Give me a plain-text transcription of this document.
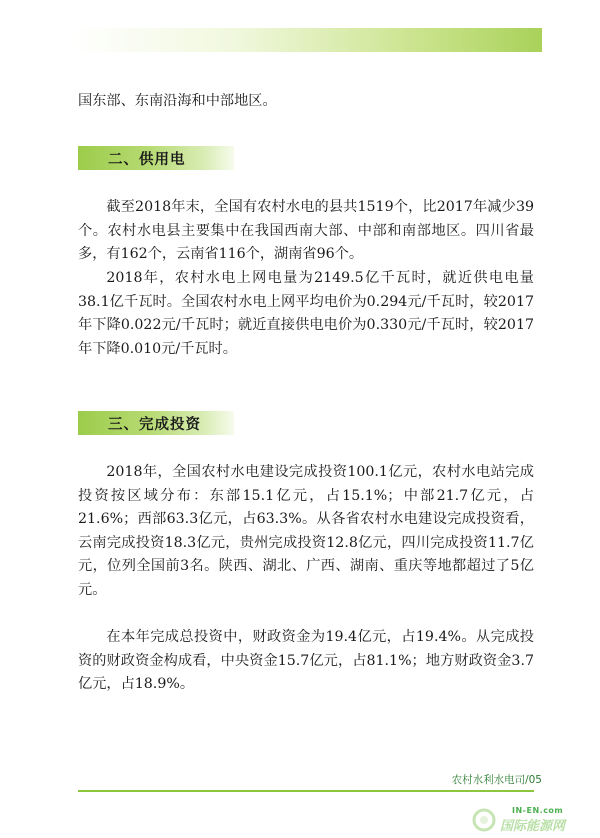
国东部、东南沿海和中部地区。

二、供用电

截至2018年末，全国有农村水电的县共1519个，比2017年减少39个。农村水电县主要集中在我国西南大部、中部和南部地区。四川省最多，有162个，云南省116个，湖南省96个。

2018年，农村水电上网电量为2149.5亿千瓦时，就近供电电量38.1亿千瓦时。全国农村水电上网平均电价为0.294元/千瓦时，较2017年下降0.022元/千瓦时；就近直接供电电价为0.330元/千瓦时，较2017年下降0.010元/千瓦时。

三、完成投资

2018年，全国农村水电建设完成投资100.1亿元，农村水电站完成投资按区域分布：东部15.1亿元，占15.1%；中部21.7亿元，占21.6%；西部63.3亿元，占63.3%。从各省农村水电建设完成投资看，云南完成投资18.3亿元，贵州完成投资12.8亿元，四川完成投资11.7亿元，位列全国前3名。陕西、湖北、广西、湖南、重庆等地都超过了5亿元。

在本年完成总投资中，财政资金为19.4亿元，占19.4%。从完成投资的财政资金构成看，中央资金15.7亿元，占81.1%；地方财政资金3.7亿元，占18.9%。

农村水利水电司/05
IN-EN.com
国际能源网
